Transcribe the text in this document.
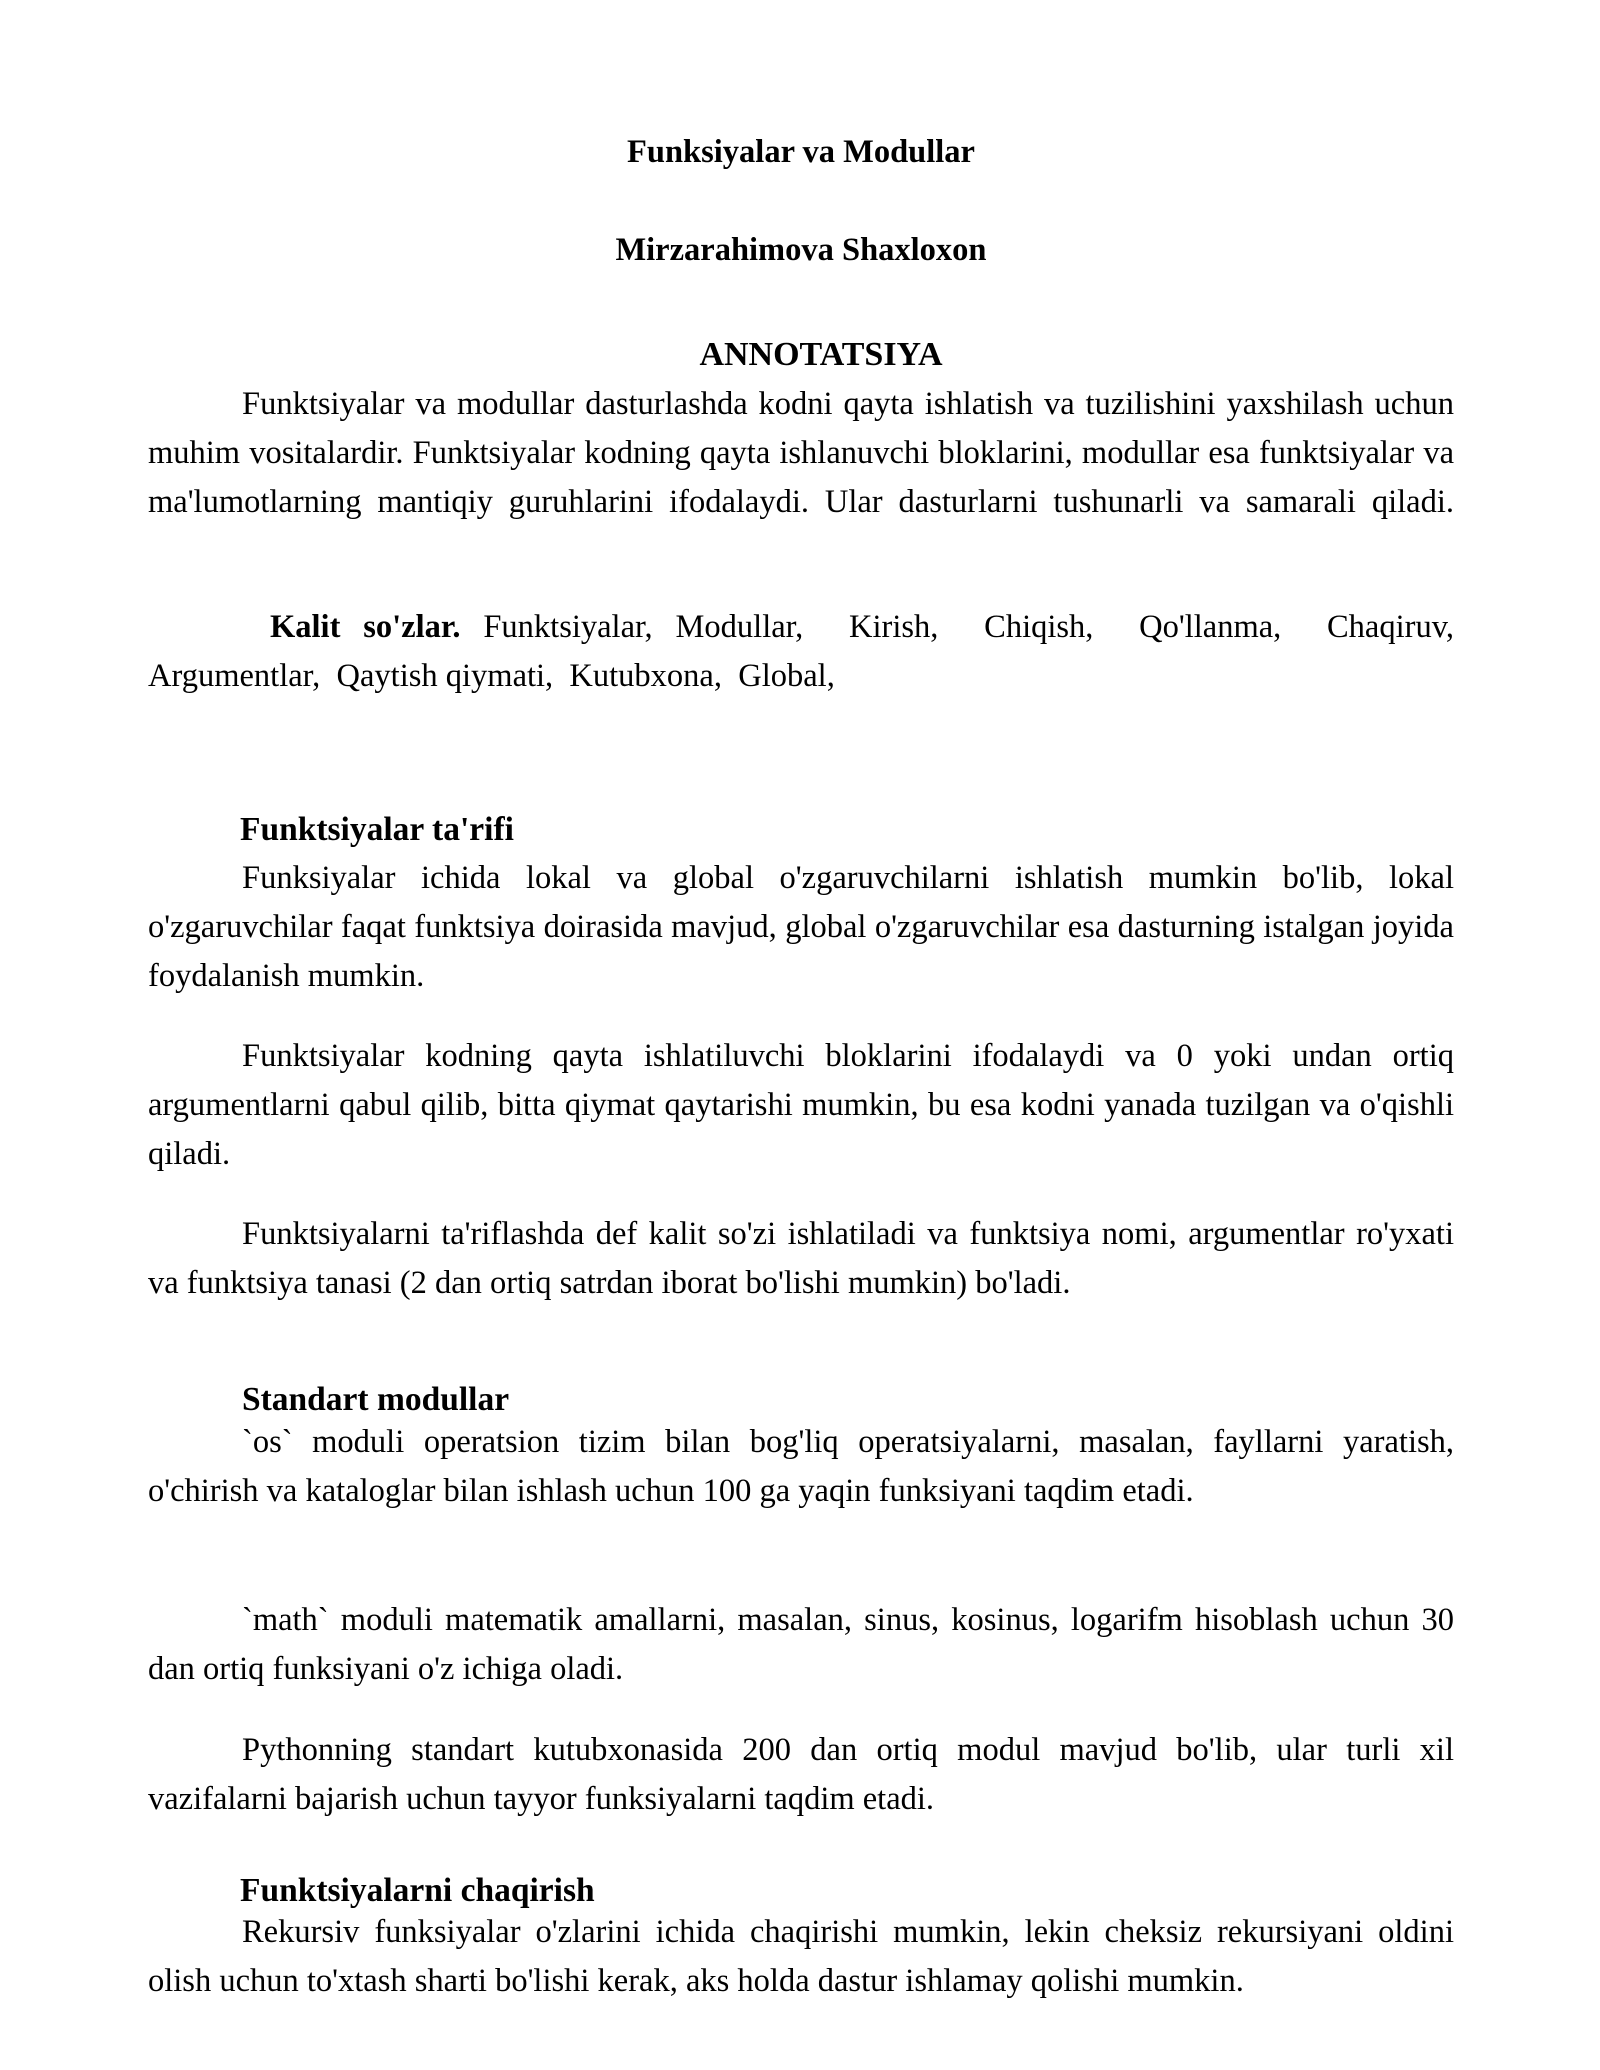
Funksiyalar va Modullar
Mirzarahimova Shaxloxon
ANNOTATSIYA

Funktsiyalar va modullar dasturlashda kodni qayta ishlatish va tuzilishini yaxshilash uchun muhim vositalardir. Funktsiyalar kodning qayta ishlanuvchi bloklarini, modullar esa funktsiyalar va ma'lumotlarning mantiqiy guruhlarini ifodalaydi. Ular dasturlarni tushunarli va samarali qiladi.

Kalit so'zlar. Funktsiyalar, Modullar,  Kirish,  Chiqish,  Qo'llanma,  Chaqiruv, Argumentlar,  Qaytish qiymati,  Kutubxona,  Global,

Funktsiyalar ta'rifi

Funksiyalar ichida lokal va global o'zgaruvchilarni ishlatish mumkin bo'lib, lokal o'zgaruvchilar faqat funktsiya doirasida mavjud, global o'zgaruvchilar esa dasturning istalgan joyida foydalanish mumkin.

Funktsiyalar kodning qayta ishlatiluvchi bloklarini ifodalaydi va 0 yoki undan ortiq argumentlarni qabul qilib, bitta qiymat qaytarishi mumkin, bu esa kodni yanada tuzilgan va o'qishli qiladi.

Funktsiyalarni ta'riflashda def kalit so'zi ishlatiladi va funktsiya nomi, argumentlar ro'yxati va funktsiya tanasi (2 dan ortiq satrdan iborat bo'lishi mumkin) bo'ladi.

Standart modullar

`os` moduli operatsion tizim bilan bog'liq operatsiyalarni, masalan, fayllarni yaratish, o'chirish va kataloglar bilan ishlash uchun 100 ga yaqin funksiyani taqdim etadi.

`math` moduli matematik amallarni, masalan, sinus, kosinus, logarifm hisoblash uchun 30 dan ortiq funksiyani o'z ichiga oladi.

Pythonning standart kutubxonasida 200 dan ortiq modul mavjud bo'lib, ular turli xil vazifalarni bajarish uchun tayyor funksiyalarni taqdim etadi.

Funktsiyalarni chaqirish

Rekursiv funksiyalar o'zlarini ichida chaqirishi mumkin, lekin cheksiz rekursiyani oldini olish uchun to'xtash sharti bo'lishi kerak, aks holda dastur ishlamay qolishi mumkin.
